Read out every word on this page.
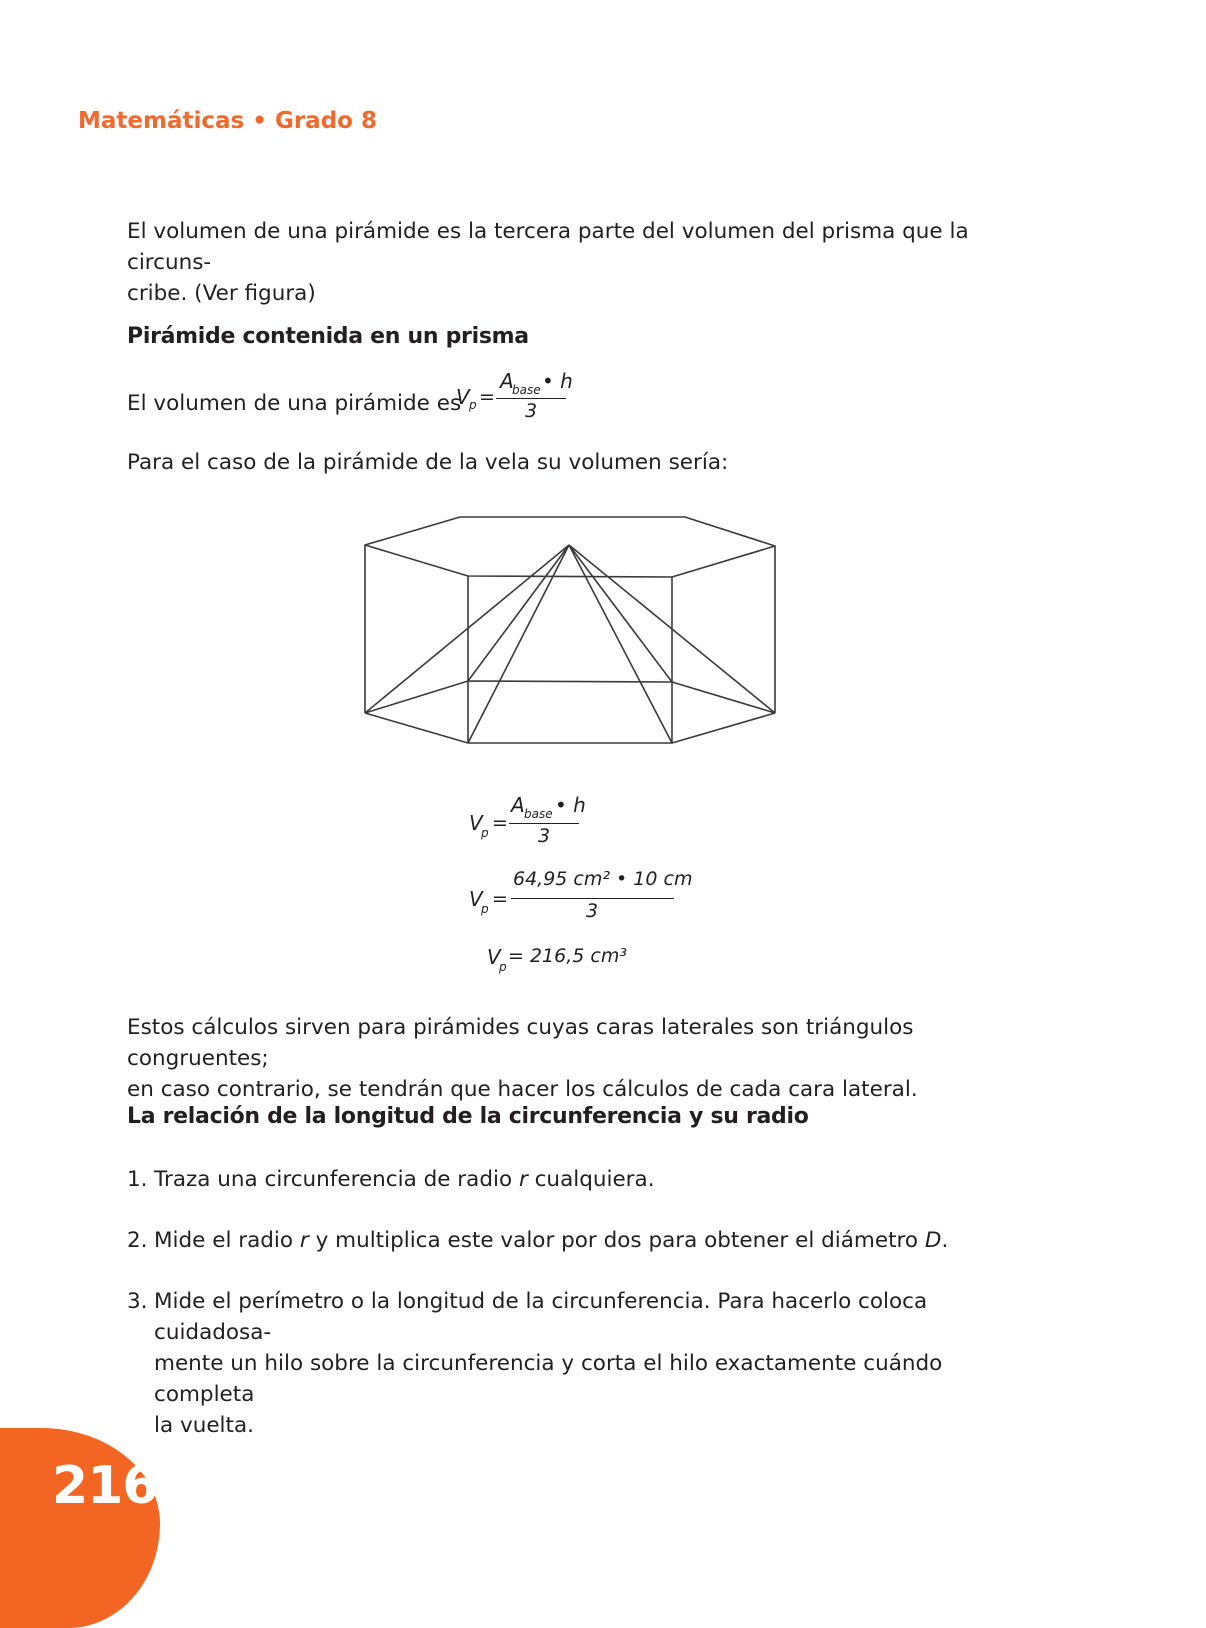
Matemáticas • Grado 8
El volumen de una pirámide es la tercera parte del volumen del prisma que la circuns-
cribe. (Ver figura)
Pirámide contenida en un prisma
El volumen de una pirámide es
V p =
A
base • h
3
Para el caso de la pirámide de la vela su volumen sería:
V
p =
A base • h
3
V
p =
64,95 cm² • 10 cm
3
V
p = 216,5 cm³
Estos cálculos sirven para pirámides cuyas caras laterales son triángulos congruentes;
en caso contrario, se tendrán que hacer los cálculos de cada cara lateral.
La relación de la longitud de la circunferencia y su radio
1. Traza una circunferencia de radio r cualquiera.
2. Mide el radio r y multiplica este valor por dos para obtener el diámetro D.
3. Mide el perímetro o la longitud de la circunferencia. Para hacerlo coloca cuidadosa-
mente un hilo sobre la circunferencia y corta el hilo exactamente cuándo completa
la vuelta.
216
